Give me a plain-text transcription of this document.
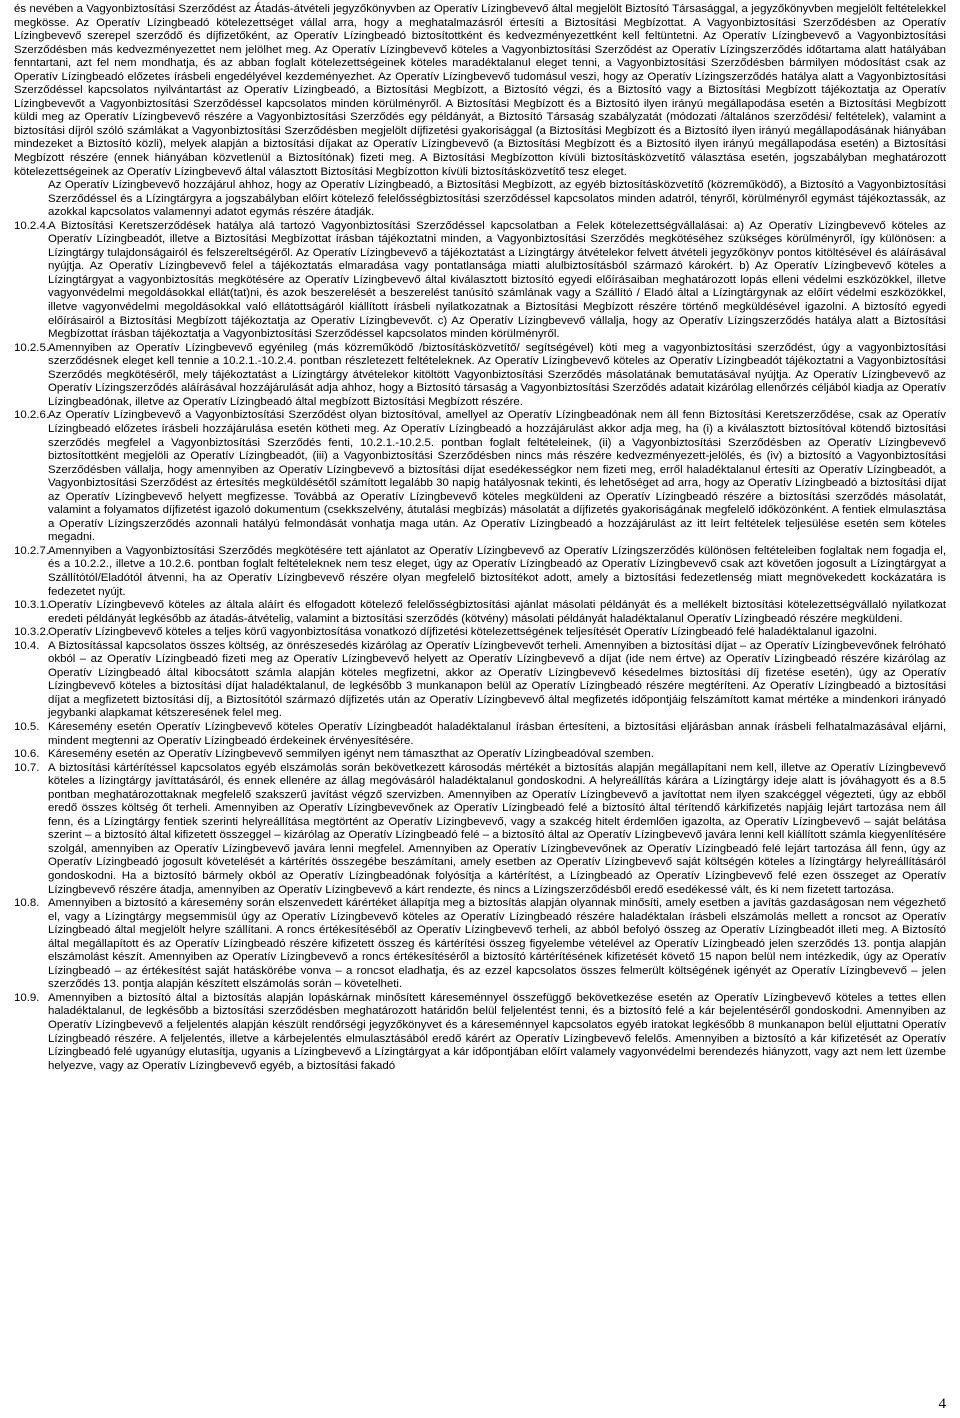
és nevében a Vagyonbiztosítási Szerződést az Átadás-átvételi jegyzőkönyvben az Operatív Lízingbevevő által megjelölt Biztosító Társasággal, a jegyzőkönyvben megjelölt feltételekkel megkösse. Az Operatív Lízingbeadó kötelezettséget vállal arra, hogy a meghatalmazásról értesíti a Biztosítási Megbízottat. A Vagyonbiztosítási Szerződésben az Operatív Lízingbevevő szerepel szerződő és díjfizetőként, az Operatív Lízingbeadó biztosítottként és kedvezményezettként kell feltüntetni. Az Operatív Lízingbevevő a Vagyonbiztosítási Szerződésben más kedvezményezettet nem jelölhet meg. Az Operatív Lízingbevevő köteles a Vagyonbiztosítási Szerződést az Operatív Lízingszerződés időtartama alatt hatályában fenntartani, azt fel nem mondhatja, és az abban foglalt kötelezettségeinek köteles maradéktalanul eleget tenni, a Vagyonbiztosítási Szerződésben bármilyen módosítást csak az Operatív Lízingbeadó előzetes írásbeli engedélyével kezdeményezhet. Az Operatív Lízingbevevő tudomásul veszi, hogy az Operatív Lízingszerződés hatálya alatt a Vagyonbiztosítási Szerződéssel kapcsolatos nyilvántartást az Operatív Lízingbeadó, a Biztosítási Megbízott, a Biztosító végzi, és a Biztosító vagy a Biztosítási Megbízott tájékoztatja az Operatív Lízingbevevőt a Vagyonbiztosítási Szerződéssel kapcsolatos minden körülményről. A Biztosítási Megbízott és a Biztosító ilyen irányú megállapodása esetén a Biztosítási Megbízott küldi meg az Operatív Lízingbevevő részére a Vagyonbiztosítási Szerződés egy példányát, a Biztosító Társaság szabályzatát (módozati /általános szerződési/ feltételek), valamint a biztosítási díjról szóló számlákat a Vagyonbiztosítási Szerződésben megjelölt díjfizetési gyakorisággal (a Biztosítási Megbízott és a Biztosító ilyen irányú megállapodásának hiányában mindezeket a Biztosító közli), melyek alapján a biztosítási díjakat az Operatív Lízingbevevő (a Biztosítási Megbízott és a Biztosító ilyen irányú megállapodása esetén) a Biztosítási Megbízott részére (ennek hiányában közvetlenül a Biztosítónak) fizeti meg. A Biztosítási Megbízotton kívüli biztosításközvetítő választása esetén, jogszabályban meghatározott kötelezettségeinek az Operatív Lízingbevevő által választott Biztosítási Megbízotton kívüli biztosításközvetítő tesz eleget.

Az Operatív Lízingbevevő hozzájárul ahhoz, hogy az Operatív Lízingbeadó, a Biztosítási Megbízott, az egyéb biztosításközvetítő (közreműködő), a Biztosító a Vagyonbiztosítási Szerződéssel és a Lízingtárgyra a jogszabályban előírt kötelező felelősségbiztosítási szerződéssel kapcsolatos minden adatról, tényről, körülményről egymást tájékoztassák, az azokkal kapcsolatos valamennyi adatot egymás részére átadják.

10.2.4. A Biztosítási Keretszerződések hatálya alá tartozó Vagyonbiztosítási Szerződéssel kapcsolatban a Felek kötelezettségvállalásai: a) Az Operatív Lízingbevevő köteles az Operatív Lízingbeadót, illetve a Biztosítási Megbízottat írásban tájékoztatni minden, a Vagyonbiztosítási Szerződés megkötéséhez szükséges körülményről, így különösen: a Lízingtárgy tulajdonságairól és felszereltségéről. Az Operatív Lízingbevevő a tájékoztatást a Lízingtárgy átvételekor felvett átvételi jegyzőkönyv pontos kitöltésével és aláírásával nyújtja. Az Operatív Lízingbevevő felel a tájékoztatás elmaradása vagy pontatlansága miatti alulbiztosításból származó károkért. b) Az Operatív Lízingbevevő köteles a Lízingtárgyat a vagyonbiztosítás megkötésére az Operatív Lízingbevevő által kiválasztott biztosító egyedi előírásaiban meghatározott lopás elleni védelmi eszközökkel, illetve vagyonvédelmi megoldásokkal ellát(tat)ni, és azok beszerelését a beszerelést tanúsító számlának vagy a Szállító / Eladó által a Lízingtárgynak az előírt védelmi eszközökkel, illetve vagyonvédelmi megoldásokkal való ellátottságáról kiállított írásbeli nyilatkozatnak a Biztosítási Megbízott részére történő megküldésével igazolni. A biztosító egyedi előírásairól a Biztosítási Megbízott tájékoztatja az Operatív Lízingbevevőt. c) Az Operatív Lízingbevevő vállalja, hogy az Operatív Lízingszerződés hatálya alatt a Biztosítási Megbízottat írásban tájékoztatja a Vagyonbiztosítási Szerződéssel kapcsolatos minden körülményről.

10.2.5. Amennyiben az Operatív Lízingbevevő egyénileg (más közreműködő /biztosításközvetítő/ segítségével) köti meg a vagyonbiztosítási szerződést, úgy a vagyonbiztosítási szerződésnek eleget kell tennie a 10.2.1.-10.2.4. pontban részletezett feltételeknek. Az Operatív Lízingbevevő köteles az Operatív Lízingbeadót tájékoztatni a Vagyonbiztosítási Szerződés megkötéséről, mely tájékoztatást a Lízingtárgy átvételekor kitöltött Vagyonbiztosítási Szerződés másolatának bemutatásával nyújtja. Az Operatív Lízingbevevő az Operatív Lízingszerződés aláírásával hozzájárulását adja ahhoz, hogy a Biztosító társaság a Vagyonbiztosítási Szerződés adatait kizárólag ellenőrzés céljából kiadja az Operatív Lízingbeadónak, illetve az Operatív Lízingbeadó által megbízott Biztosítási Megbízott részére.

10.2.6. Az Operatív Lízingbevevő a Vagyonbiztosítási Szerződést olyan biztosítóval, amellyel az Operatív Lízingbeadónak nem áll fenn Biztosítási Keretszerződése, csak az Operatív Lízingbeadó előzetes írásbeli hozzájárulása esetén kötheti meg. Az Operatív Lízingbeadó a hozzájárulást akkor adja meg, ha (i) a kiválasztott biztosítóval kötendő biztosítási szerződés megfelel a Vagyonbiztosítási Szerződés fenti, 10.2.1.-10.2.5. pontban foglalt feltételeinek, (ii) a Vagyonbiztosítási Szerződésben az Operatív Lízingbevevő biztosítottként megjelöli az Operatív Lízingbeadót, (iii) a Vagyonbiztosítási Szerződésben nincs más részére kedvezményezett-jelölés, és (iv) a biztosító a Vagyonbiztosítási Szerződésben vállalja, hogy amennyiben az Operatív Lízingbevevő a biztosítási díjat esedékességkor nem fizeti meg, erről haladéktalanul értesíti az Operatív Lízingbeadót, a Vagyonbiztosítási Szerződést az értesítés megküldésétől számított legalább 30 napig hatályosnak tekinti, és lehetőséget ad arra, hogy az Operatív Lízingbeadó a biztosítási díjat az Operatív Lízingbevevő helyett megfizesse. Továbbá az Operatív Lízingbevevő köteles megküldeni az Operatív Lízingbeadó részére a biztosítási szerződés másolatát, valamint a folyamatos díjfizetést igazoló dokumentum (csekkszelvény, átutalási megbízás) másolatát a díjfizetés gyakoriságának megfelelő időközönként. A fentiek elmulasztása a Operatív Lízingszerződés azonnali hatályú felmondását vonhatja maga után. Az Operatív Lízingbeadó a hozzájárulást az itt leírt feltételek teljesülése esetén sem köteles megadni.

10.2.7. Amennyiben a Vagyonbiztosítási Szerződés megkötésére tett ajánlatot az Operatív Lízingbevevő az Operatív Lízingszerződés különösen feltételeiben foglaltak nem fogadja el, és a 10.2.2., illetve a 10.2.6. pontban foglalt feltételeknek nem tesz eleget, úgy az Operatív Lízingbeadó az Operatív Lízingbevevő csak azt követően jogosult a Lízingtárgyat a Szállítótól/Eladótól átvenni, ha az Operatív Lízingbevevő részére olyan megfelelő biztosítékot adott, amely a biztosítási fedezetlenség miatt megnövekedett kockázatára is fedezetet nyújt.

10.3.1. Operatív Lízingbevevő köteles az általa aláírt és elfogadott kötelező felelősségbiztosítási ajánlat másolati példányát és a mellékelt biztosítási kötelezettségvállaló nyilatkozat eredeti példányát legkésőbb az átadás-átvételig, valamint a biztosítási szerződés (kötvény) másolati példányát haladéktalanul Operatív Lízingbeadó részére megküldeni.

10.3.2. Operatív Lízingbevevő köteles a teljes körű vagyonbiztosítása vonatkozó díjfizetési kötelezettségének teljesítését Operatív Lízingbeadó felé haladéktalanul igazolni.

10.4. A Biztosítással kapcsolatos összes költség, az önrészesedés kizárólag az Operatív Lízingbevevőt terheli. Amennyiben a biztosítási díjat – az Operatív Lízingbevevőnek felróható okból – az Operatív Lízingbeadó fizeti meg az Operatív Lízingbevevő helyett az Operatív Lízingbevevő a díjat (ide nem értve) az Operatív Lízingbeadó részére kizárólag az Operatív Lízingbeadó által kibocsátott számla alapján köteles megfizetni, akkor az Operatív Lízingbevevő késedelmes biztosítási díj fizetése esetén), úgy az Operatív Lízingbevevő köteles a biztosítási díjat haladéktalanul, de legkésőbb 3 munkanapon belül az Operatív Lízingbeadó részére megtéríteni. Az Operatív Lízingbeadó a biztosítási díjat a megfizetett biztosítási díj, a Biztosítótól származó díjfizetés után az Operatív Lízingbevevő által megfizetés időpontjáig felszámított kamat mértéke a mindenkori irányadó jegybanki alapkamat kétszeresének felel meg.

10.5. Káresemény esetén Operatív Lízingbevevő köteles Operatív Lízingbeadót haladéktalanul írásban értesíteni, a biztosítási eljárásban annak írásbeli felhatalmazásával eljárni, mindent megtenni az Operatív Lízingbeadó érdekeinek érvényesítésére.

10.6. Káresemény esetén az Operatív Lízingbevevő semmilyen igényt nem támaszthat az Operatív Lízingbeadóval szemben.

10.7. A biztosítási kártérítéssel kapcsolatos egyéb elszámolás során bekövetkezett károsodás mértékét a biztosítás alapján megállapítani nem kell, illetve az Operatív Lízingbevevő köteles a lízingtárgy javíttatásáról, és ennek ellenére az állag megóvásáról haladéktalanul gondoskodni. A helyreállítás kárára a Lízingtárgy ideje alatt is jóváhagyott és a 8.5 pontban meghatározottaknak megfelelő szakszerű javítást végző szervizben. Amennyiben az Operatív Lízingbevevő a javítottat nem ilyen szakcéggel végezteti, úgy az ebből eredő összes költség őt terheli. Amennyiben az Operatív Lízingbevevőnek az Operatív Lízingbeadó felé a biztosító által térítendő kárkifizetés napjáig lejárt tartozása nem áll fenn, és a Lízingtárgy fentiek szerinti helyreállítása megtörtént az Operatív Lízingbevevő, vagy a szakcég hitelt érdemlően igazolta, az Operatív Lízingbevevő – saját belátása szerint – a biztosító által kifizetett összeggel – kizárólag az Operatív Lízingbeadó felé – a biztosító által az Operatív Lízingbevevő javára lenni kell kiállított számla kiegyenlítésére szolgál, amennyiben az Operatív Lízingbevevő javára lenni megfelel. Amennyiben az Operatív Lízingbevevőnek az Operatív Lízingbeadó felé lejárt tartozása áll fenn, úgy az Operatív Lízingbeadó jogosult követelését a kártérítés összegébe beszámítani, amely esetben az Operatív Lízingbevevő saját költségén köteles a lízingtárgy helyreállításáról gondoskodni. Ha a biztosító bármely okból az Operatív Lízingbeadónak folyósítja a kártérítést, a Lízingbeadó az Operatív Lízingbevevő felé ezen összeget az Operatív Lízingbevevő részére átadja, amennyiben az Operatív Lízingbevevő a kárt rendezte, és nincs a Lízingszerződésből eredő esedékessé vált, és ki nem fizetett tartozása.

10.8. Amennyiben a biztosító a káresemény során elszenvedett kárértéket állapítja meg a biztosítás alapján olyannak minősíti, amely esetben a javítás gazdaságosan nem végezhető el, vagy a Lízingtárgy megsemmisül úgy az Operatív Lízingbevevő köteles az Operatív Lízingbeadó részére haladéktalan írásbeli elszámolás mellett a roncsot az Operatív Lízingbeadó által megjelölt helyre szállítani. A roncs értékesítéséből az Operatív Lízingbevevő terheli, az abból befolyó összeg az Operatív Lízingbeadót illeti meg. A Biztosító által megállapított és az Operatív Lízingbeadó részére kifizetett összeg és kártérítési összeg figyelembe vételével az Operatív Lízingbeadó jelen szerződés 13. pontja alapján elszámolást készít. Amennyiben az Operatív Lízingbevevő a roncs értékesítéséről a biztosító kártérítésének kifizetését követő 15 napon belül nem intézkedik, úgy az Operatív Lízingbeadó – az értékesítést saját hatáskörébe vonva – a roncsot eladhatja, és az ezzel kapcsolatos összes felmerült költségének igényét az Operatív Lízingbevevő – jelen szerződés 13. pontja alapján készített elszámolás során – követelheti.

10.9. Amennyiben a biztosító által a biztosítás alapján lopáskárnak minősített káreseménnyel összefüggő bekövetkezése esetén az Operatív Lízingbevevő köteles a tettes ellen haladéktalanul, de legkésőbb a biztosítási szerződésben meghatározott határidőn belül feljelentést tenni, és a biztosító felé a kár bejelentéséről gondoskodni. Amennyiben az Operatív Lízingbevevő a feljelentés alapján készült rendőrségi jegyzőkönyvet és a káreseménnyel kapcsolatos egyéb iratokat legkésőbb 8 munkanapon belül eljuttatni Operatív Lízingbeadó részére. A feljelentés, illetve a kárbejelentés elmulasztásából eredő kárért az Operatív Lízingbevevő felelős. Amennyiben a biztosító a kár kifizetését az Operatív Lízingbeadó felé ugyanúgy elutasítja, ugyanis a Lízingbevevő a Lízingtárgyat a kár időpontjában előírt valamely vagyonvédelmi berendezés hiányzott, vagy azt nem lett üzembe helyezve, vagy az Operatív Lízingbevevő egyéb, a biztosítási fakadó

4
